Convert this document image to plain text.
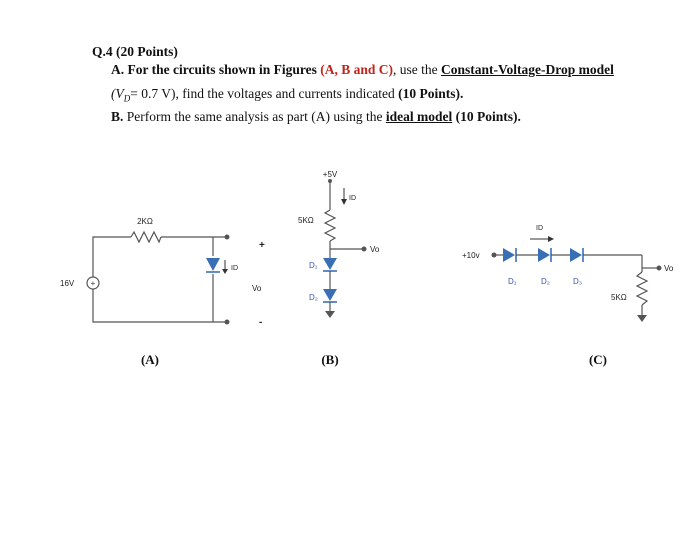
Q.4 (20 Points)
A. For the circuits shown in Figures (A, B and C), use the Constant-Voltage-Drop model
($V_D= 0.7$ V), find the voltages and currents indicated (10 Points).
B. Perform the same analysis as part (A) using the ideal model (10 Points).
+
2KΩ
16V
ID
+
Vo
-
(A)
+5V
Vo
D₁
D₂
ID
5KΩ
(B)
+10v
Vo
ID
D₁	D₂	D₃
5KΩ
(C)
